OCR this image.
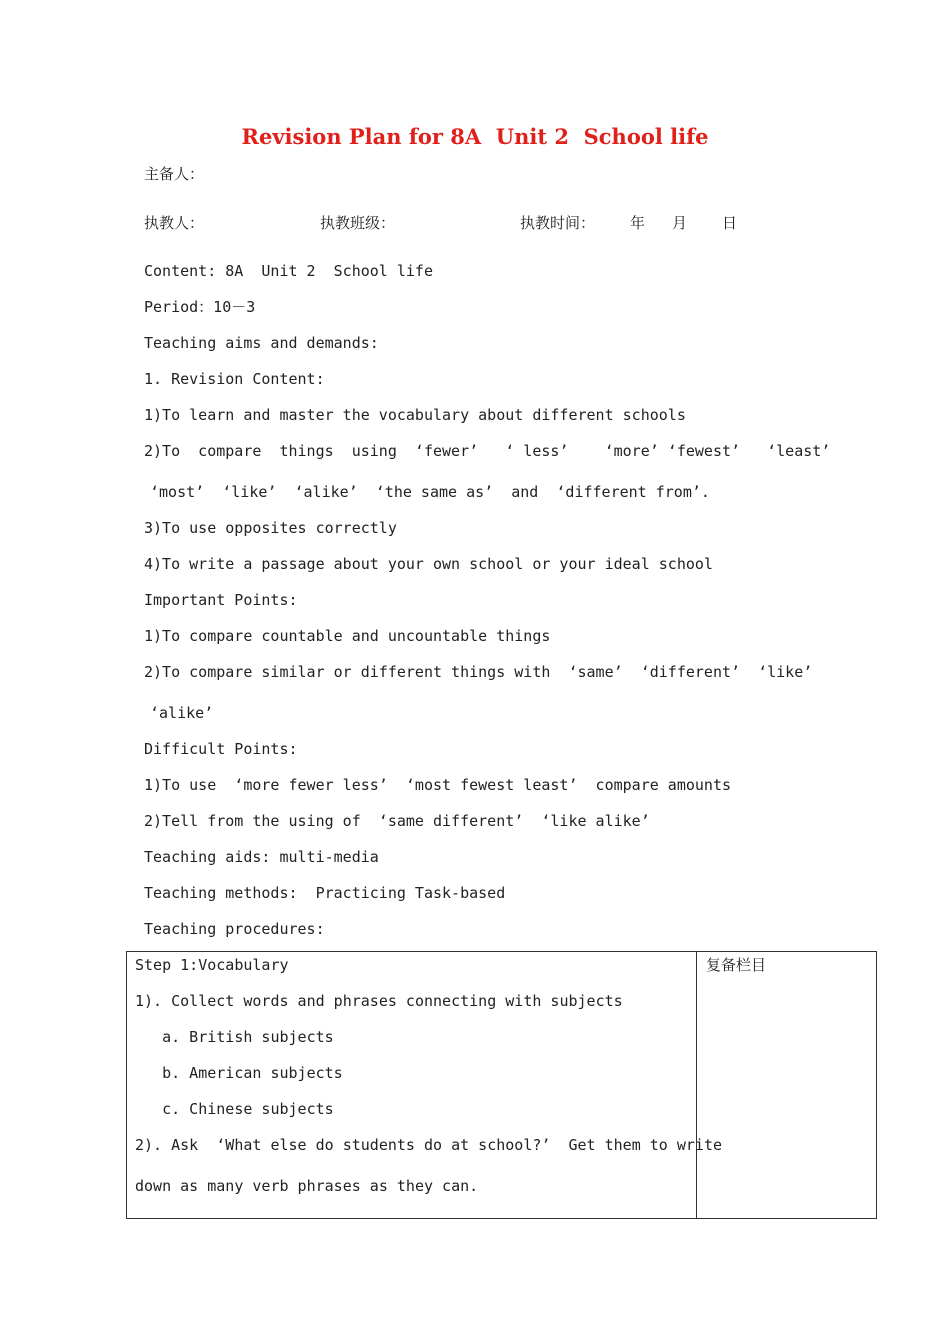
Revision Plan for 8A  Unit 2  School life
主备人：
执教人：	执教班级：	执教时间： 年 月 日
Content: 8A  Unit 2  School life
Period：10－3
Teaching aims and demands:
1. Revision Content:
1)To learn and master the vocabulary about different schools
2)To  compare  things  using  ‘fewer’   ‘ less’    ‘more’ ‘fewest’   ‘least’
‘most’  ‘like’  ‘alike’  ‘the same as’  and  ‘different from’.
3)To use opposites correctly
4)To write a passage about your own school or your ideal school
Important Points:
1)To compare countable and uncountable things
2)To compare similar or different things with  ‘same’  ‘different’  ‘like’
‘alike’
Difficult Points:
1)To use  ‘more fewer less’  ‘most fewest least’  compare amounts
2)Tell from the using of  ‘same different’  ‘like alike’
Teaching aids: multi-media
Teaching methods:  Practicing Task-based
Teaching procedures:
Step 1:Vocabulary
1). Collect words and phrases connecting with subjects
a. British subjects
b. American subjects
c. Chinese subjects
2). Ask  ‘What else do students do at school?’  Get them to write
down as many verb phrases as they can.

复备栏目
